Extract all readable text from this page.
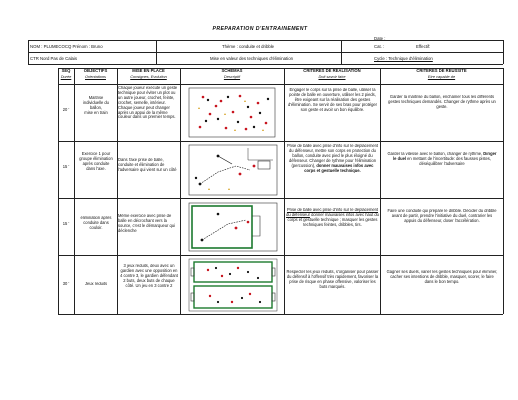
PREPARATION D'ENTRAINEMENT
NOM : PLUMECOCQ Prénom : Bruno
CTR Nord Pas de Calais
Thème : conduite et dribble
Mise en valeur des techniques d'élimination
Date :
Cat. :	Effectif:
Cycle : Technique d'élimination
SEQ
Durée
OBJECTIFS
Orientations
MISE EN PLACE
Consignes, Evolution
SCHEMAS
Descriptif
CRITERES DE REALISATION
Doit savoir faire
CRITERES DE REUSSITE
Etre capable de
20 '
Maîtrise
individuelle du
ballon,
mise en train
Chaque joueur exécute un geste technique pour éviter un plot ou un autre joueur, crochet, feinte, crochet, semelle, intérieur. Chaque joueur peut changer après un appui de la même couleur dans un premier temps.
Engager le corps sur la prise de balle, utiliser la pointe de balle en ouverture, utiliser les 2 pieds, être exigeant sur la réalisation des gestes d'élimination. Se servir de ses bras pour protéger son geste et avoir un bon équilibre.
Garder la maîtrise du ballon, enchaîner tous les différents gestes techniques demandés. Changer de rythme après un geste.
15 '
Exercice 1 pour
groupe élimination
après conduite
dans l'axe.
Dans l'axe prise de balle, conduite et élimination de l'adversaire qui vient sur un côté
Prise de balle avec prise d'info sur le déplacement du défenseur, mettre son corps en protection du ballon, conduite avec pied le plus éloigné du défenseur. Changer de rythme pour l'élimination (percussion), donner mauvaises infos avec corps et gestuelle technique.
Garder la vitesse avec le ballon, changer de rythme, Diriger le duel en mettant de l'incertitude: des fausses pistes, déséquilibrer l'adversaire
15 '
élimination après
conduite dans
couloir.
Même exercice avec prise de balle en décrochant vers la source, c'est le démarqueur qui déclenche
Prise de balle avec prise d'info sur le déplacement du défenseur donner mauvaises infos avec haut du corps et gestuelle technique ; masquer les gestes techniques feintes, dribbles, tirs.
Faire une conduite qui prépare le dribble. Décider du dribble avant de partir, prendre l'initiative du duel, contrarier les appuis du défenseur, doser l'accélération.
30 '	Jeux réduits
3 jeux réduits, deux avec un gardien avec une opposition en 4 contre 3, le gardien défendant 2 buts, deux buts de chaque côté. Un jeu en 3 contre 2
Respecter les jeux réduits, s'organiser pour passer du défensif à l'offensif très rapidement, favoriser la prise de risque en phase offensive, valoriser les buts marqués.
Gagner ses duels, varier les gestes techniques pour éliminer, cacher ses intentions de dribble, masquer, scorer, le faire dans le bon tempo.
